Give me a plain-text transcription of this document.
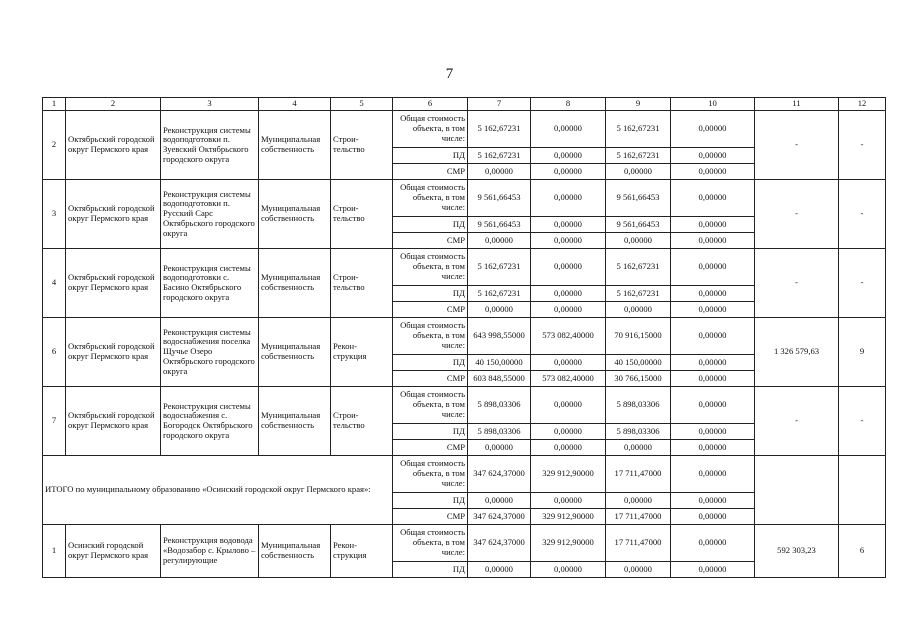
7
1	2	3	4	5	6	7	8	9	10	11	12
2	Октябрьский городской округ Пермского края	Реконструкция системы водоподготовки п. Зуевский Октябрьского городского округа	Муниципальная собственность	Строи- тельство	Общая стоимость объекта, в том числе:	5 162,67231	0,00000	5 162,67231	0,00000	-	-
					ПД	5 162,67231	0,00000	5 162,67231	0,00000		
					СМР	0,00000	0,00000	0,00000	0,00000		
3	Октябрьский городской округ Пермского края	Реконструкция системы водоподготовки п. Русский Сарс Октябрьского городского округа	Муниципальная собственность	Строи- тельство	Общая стоимость объекта, в том числе:	9 561,66453	0,00000	9 561,66453	0,00000	-	-
					ПД	9 561,66453	0,00000	9 561,66453	0,00000		
					СМР	0,00000	0,00000	0,00000	0,00000		
4	Октябрьский городской округ Пермского края	Реконструкция системы водоподготовки с. Басино Октябрьского городского округа	Муниципальная собственность	Строи- тельство	Общая стоимость объекта, в том числе:	5 162,67231	0,00000	5 162,67231	0,00000	-	-
					ПД	5 162,67231	0,00000	5 162,67231	0,00000		
					СМР	0,00000	0,00000	0,00000	0,00000		
6	Октябрьский городской округ Пермского края	Реконструкция системы водоснабжения поселка Щучье Озеро Октябрьского городского округа	Муниципальная собственность	Рекон- струкция	Общая стоимость объекта, в том числе:	643 998,55000	573 082,40000	70 916,15000	0,00000	1 326 579,63	9
					ПД	40 150,00000	0,00000	40 150,00000	0,00000		
					СМР	603 848,55000	573 082,40000	30 766,15000	0,00000		
7	Октябрьский городской округ Пермского края	Реконструкция системы водоснабжения с. Богородск Октябрьского городского округа	Муниципальная собственность	Строи- тельство	Общая стоимость объекта, в том числе:	5 898,03306	0,00000	5 898,03306	0,00000	-	-
					ПД	5 898,03306	0,00000	5 898,03306	0,00000		
					СМР	0,00000	0,00000	0,00000	0,00000		
ИТОГО по муниципальному образованию «Осинский городской округ Пермского края»:					Общая стоимость объекта, в том числе:	347 624,37000	329 912,90000	17 711,47000	0,00000		
					ПД	0,00000	0,00000	0,00000	0,00000		
					СМР	347 624,37000	329 912,90000	17 711,47000	0,00000		
1	Осинский городской округ Пермского края	Реконструкция водовода «Водозабор с. Крылово – регулирующие	Муниципальная собственность	Рекон- струкция	Общая стоимость объекта, в том числе:	347 624,37000	329 912,90000	17 711,47000	0,00000	592 303,23	6
					ПД	0,00000	0,00000	0,00000	0,00000		
